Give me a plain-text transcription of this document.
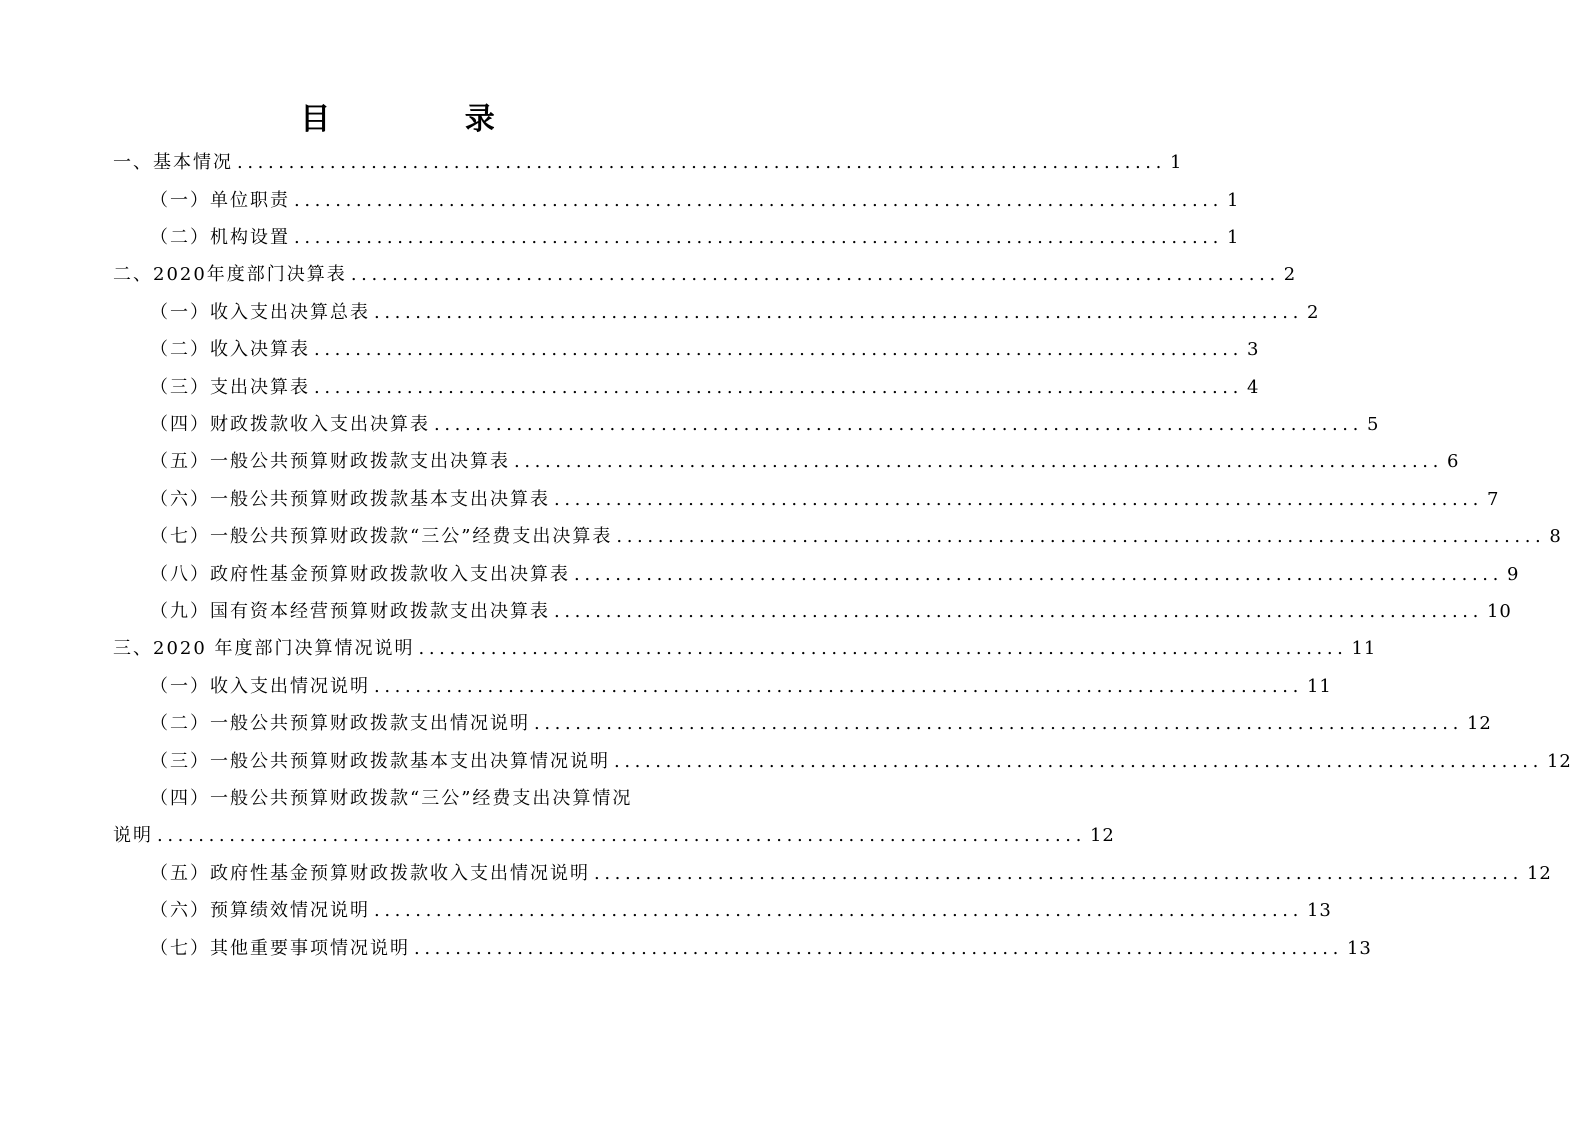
目 录
一、基本情况 .......................................................................................... 1
（一）单位职责 .......................................................................................... 1
（二）机构设置 .......................................................................................... 1
二、2020年度部门决算表 .......................................................................................... 2
（一）收入支出决算总表 .......................................................................................... 2
（二）收入决算表 .......................................................................................... 3
（三）支出决算表 .......................................................................................... 4
（四）财政拨款收入支出决算表 .......................................................................................... 5
（五）一般公共预算财政拨款支出决算表 .......................................................................................... 6
（六）一般公共预算财政拨款基本支出决算表 .......................................................................................... 7
（七）一般公共预算财政拨款“三公”经费支出决算表 .......................................................................................... 8
（八）政府性基金预算财政拨款收入支出决算表 .......................................................................................... 9
（九）国有资本经营预算财政拨款支出决算表 .......................................................................................... 10
三、2020 年度部门决算情况说明 .......................................................................................... 11
（一）收入支出情况说明 .......................................................................................... 11
（二）一般公共预算财政拨款支出情况说明 .......................................................................................... 12
（三）一般公共预算财政拨款基本支出决算情况说明 .......................................................................................... 12
（四）一般公共预算财政拨款“三公”经费支出决算情况
说明 .......................................................................................... 12
（五）政府性基金预算财政拨款收入支出情况说明 .......................................................................................... 12
（六）预算绩效情况说明 .......................................................................................... 13
（七）其他重要事项情况说明 .......................................................................................... 13
